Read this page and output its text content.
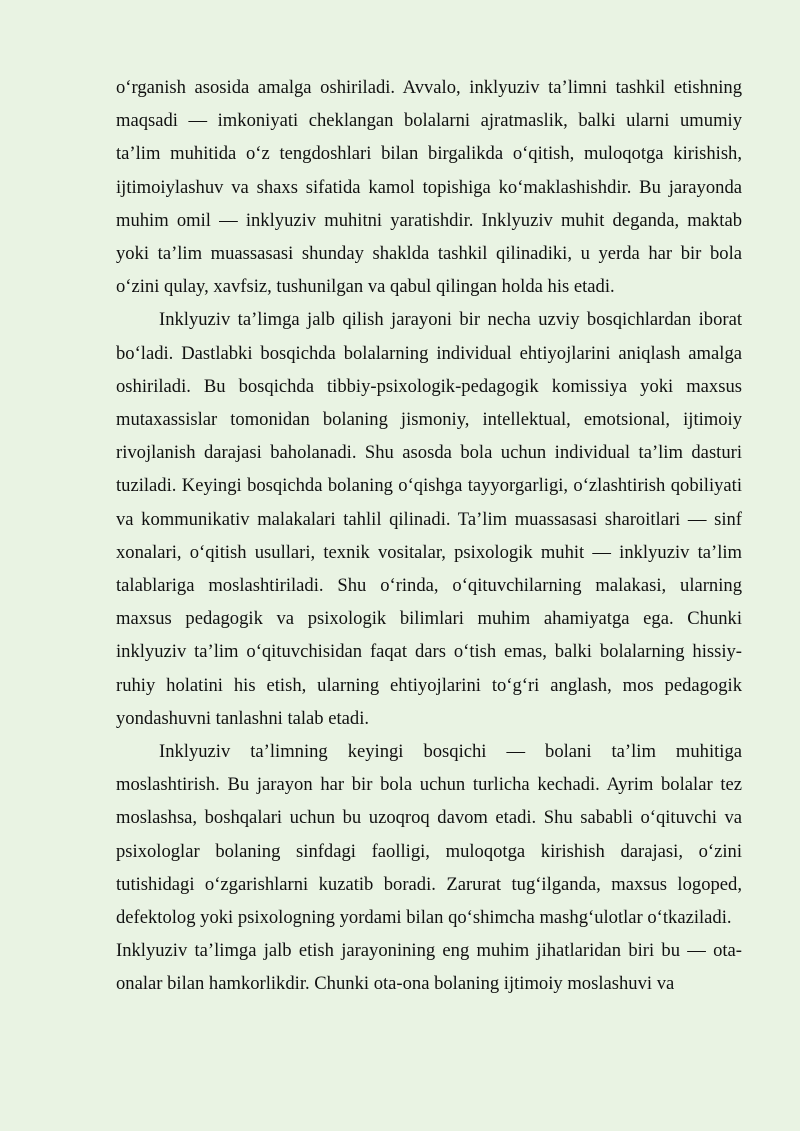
oʻrganish asosida amalga oshiriladi. Avvalo, inklyuziv taʼlimni tashkil etishning maqsadi — imkoniyati cheklangan bolalarni ajratmaslik, balki ularni umumiy taʼlim muhitida oʻz tengdoshlari bilan birgalikda oʻqitish, muloqotga kirishish, ijtimoiylashuv va shaxs sifatida kamol topishiga koʻmaklashishdir. Bu jarayonda muhim omil — inklyuziv muhitni yaratishdir. Inklyuziv muhit deganda, maktab yoki taʼlim muassasasi shunday shaklda tashkil qilinadiki, u yerda har bir bola oʻzini qulay, xavfsiz, tushunilgan va qabul qilingan holda his etadi.

Inklyuziv taʼlimga jalb qilish jarayoni bir necha uzviy bosqichlardan iborat boʻladi. Dastlabki bosqichda bolalarning individual ehtiyojlarini aniqlash amalga oshiriladi. Bu bosqichda tibbiy-psixologik-pedagogik komissiya yoki maxsus mutaxassislar tomonidan bolaning jismoniy, intellektual, emotsional, ijtimoiy rivojlanish darajasi baholanadi. Shu asosda bola uchun individual taʼlim dasturi tuziladi. Keyingi bosqichda bolaning oʻqishga tayyorgarligi, oʻzlashtirish qobiliyati va kommunikativ malakalari tahlil qilinadi. Taʼlim muassasasi sharoitlari — sinf xonalari, oʻqitish usullari, texnik vositalar, psixologik muhit — inklyuziv taʼlim talablariga moslashtiriladi. Shu oʻrinda, oʻqituvchilarning malakasi, ularning maxsus pedagogik va psixologik bilimlari muhim ahamiyatga ega. Chunki inklyuziv taʼlim oʻqituvchisidan faqat dars oʻtish emas, balki bolalarning hissiy-ruhiy holatini his etish, ularning ehtiyojlarini toʻgʻri anglash, mos pedagogik yondashuvni tanlashni talab etadi.

Inklyuziv taʼlimning keyingi bosqichi — bolani taʼlim muhitiga moslashtirish. Bu jarayon har bir bola uchun turlicha kechadi. Ayrim bolalar tez moslashsa, boshqalari uchun bu uzoqroq davom etadi. Shu sababli oʻqituvchi va psixologlar bolaning sinfdagi faolligi, muloqotga kirishish darajasi, oʻzini tutishidagi oʻzgarishlarni kuzatib boradi. Zarurat tugʻilganda, maxsus logoped, defektolog yoki psixologning yordami bilan qoʻshimcha mashgʻulotlar oʻtkaziladi.

Inklyuziv taʼlimga jalb etish jarayonining eng muhim jihatlaridan biri bu — ota-onalar bilan hamkorlikdir. Chunki ota-ona bolaning ijtimoiy moslashuvi va
